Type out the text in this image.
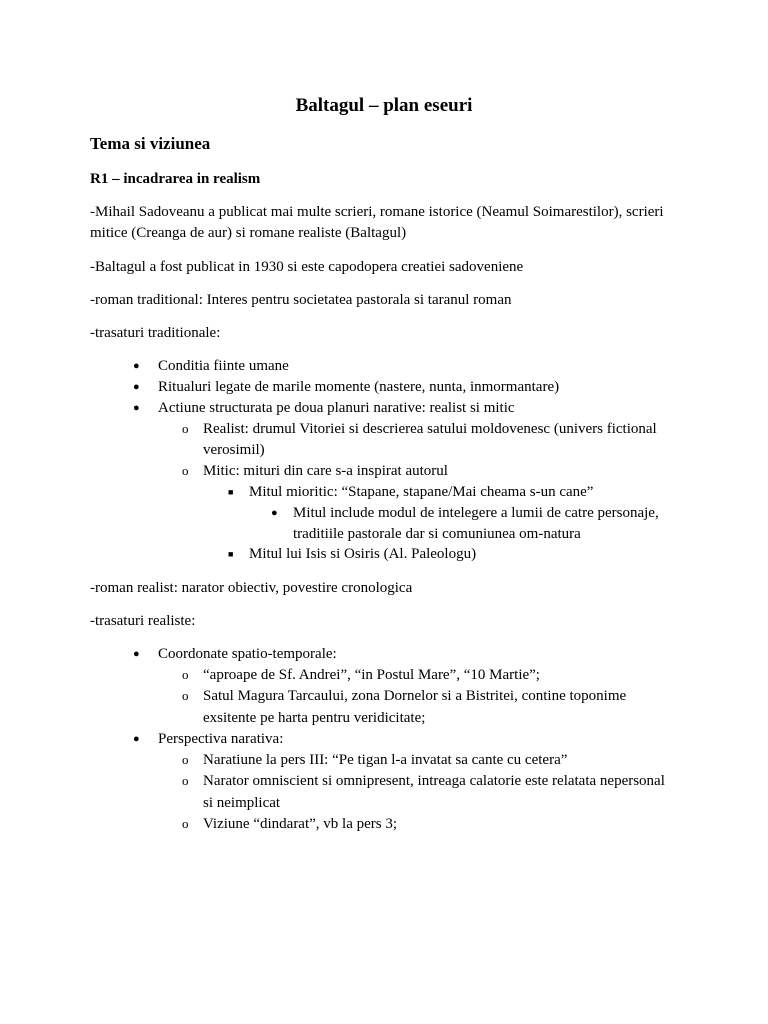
Baltagul – plan eseuri
Tema si viziunea
R1 – incadrarea in realism
-Mihail Sadoveanu a publicat mai multe scrieri, romane istorice (Neamul Soimarestilor), scrieri
mitice (Creanga de aur) si romane realiste (Baltagul)
-Baltagul a fost publicat in 1930 si este capodopera creatiei sadoveniene
-roman traditional: Interes pentru societatea pastorala si taranul roman
-trasaturi traditionale:
● Conditia fiinte umane
● Ritualuri legate de marile momente (nastere, nunta, inmormantare)
● Actiune structurata pe doua planuri narative: realist si mitic
o Realist: drumul Vitoriei si descrierea satului moldovenesc (univers fictional
verosimil)
o Mitic: mituri din care s-a inspirat autorul
■ Mitul mioritic: “Stapane, stapane/Mai cheama s-un cane”
● Mitul include modul de intelegere a lumii de catre personaje,
traditiile pastorale dar si comuniunea om-natura
■ Mitul lui Isis si Osiris (Al. Paleologu)
-roman realist: narator obiectiv, povestire cronologica
-trasaturi realiste:
● Coordonate spatio-temporale:
o “aproape de Sf. Andrei”, “in Postul Mare”, “10 Martie”;
o Satul Magura Tarcaului, zona Dornelor si a Bistritei, contine toponime
exsitente pe harta pentru veridicitate;
● Perspectiva narativa:
o Naratiune la pers III: “Pe tigan l-a invatat sa cante cu cetera”
o Narator omniscient si omnipresent, intreaga calatorie este relatata nepersonal
si neimplicat
o Viziune “dindarat”, vb la pers 3;
